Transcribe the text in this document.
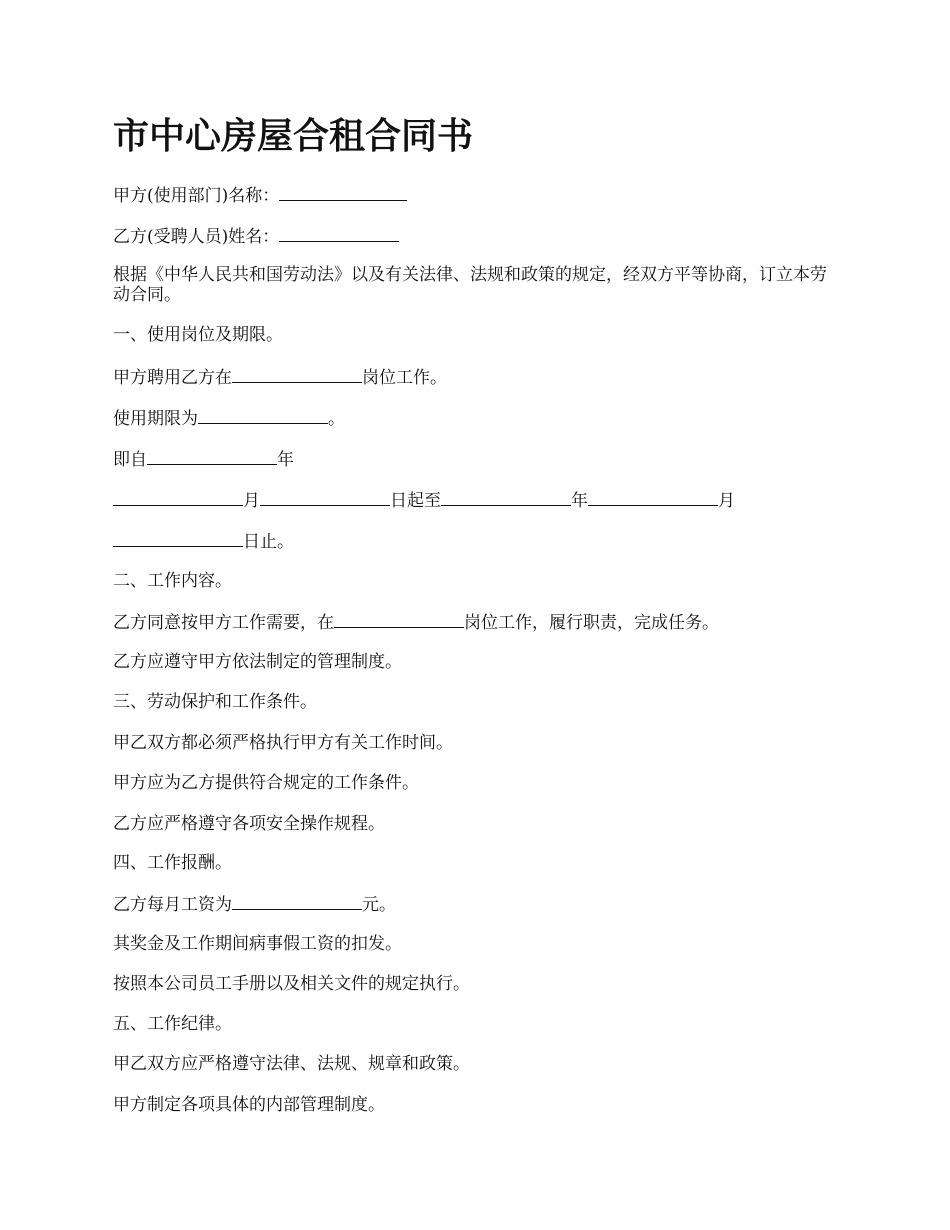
市中心房屋合租合同书

甲方(使用部门)名称：

乙方(受聘人员)姓名：

根据《中华人民共和国劳动法》以及有关法律、法规和政策的规定，经双方平等协商，订立本劳动合同。

一、使用岗位及期限。

甲方聘用乙方在	岗位工作。

使用期限为	。

即自	年

月	日起至	年	月

日止。

二、工作内容。

乙方同意按甲方工作需要，在	岗位工作，履行职责，完成任务。

乙方应遵守甲方依法制定的管理制度。

三、劳动保护和工作条件。

甲乙双方都必须严格执行甲方有关工作时间。

甲方应为乙方提供符合规定的工作条件。

乙方应严格遵守各项安全操作规程。

四、工作报酬。

乙方每月工资为	元。

其奖金及工作期间病事假工资的扣发。

按照本公司员工手册以及相关文件的规定执行。

五、工作纪律。

甲乙双方应严格遵守法律、法规、规章和政策。

甲方制定各项具体的内部管理制度。
